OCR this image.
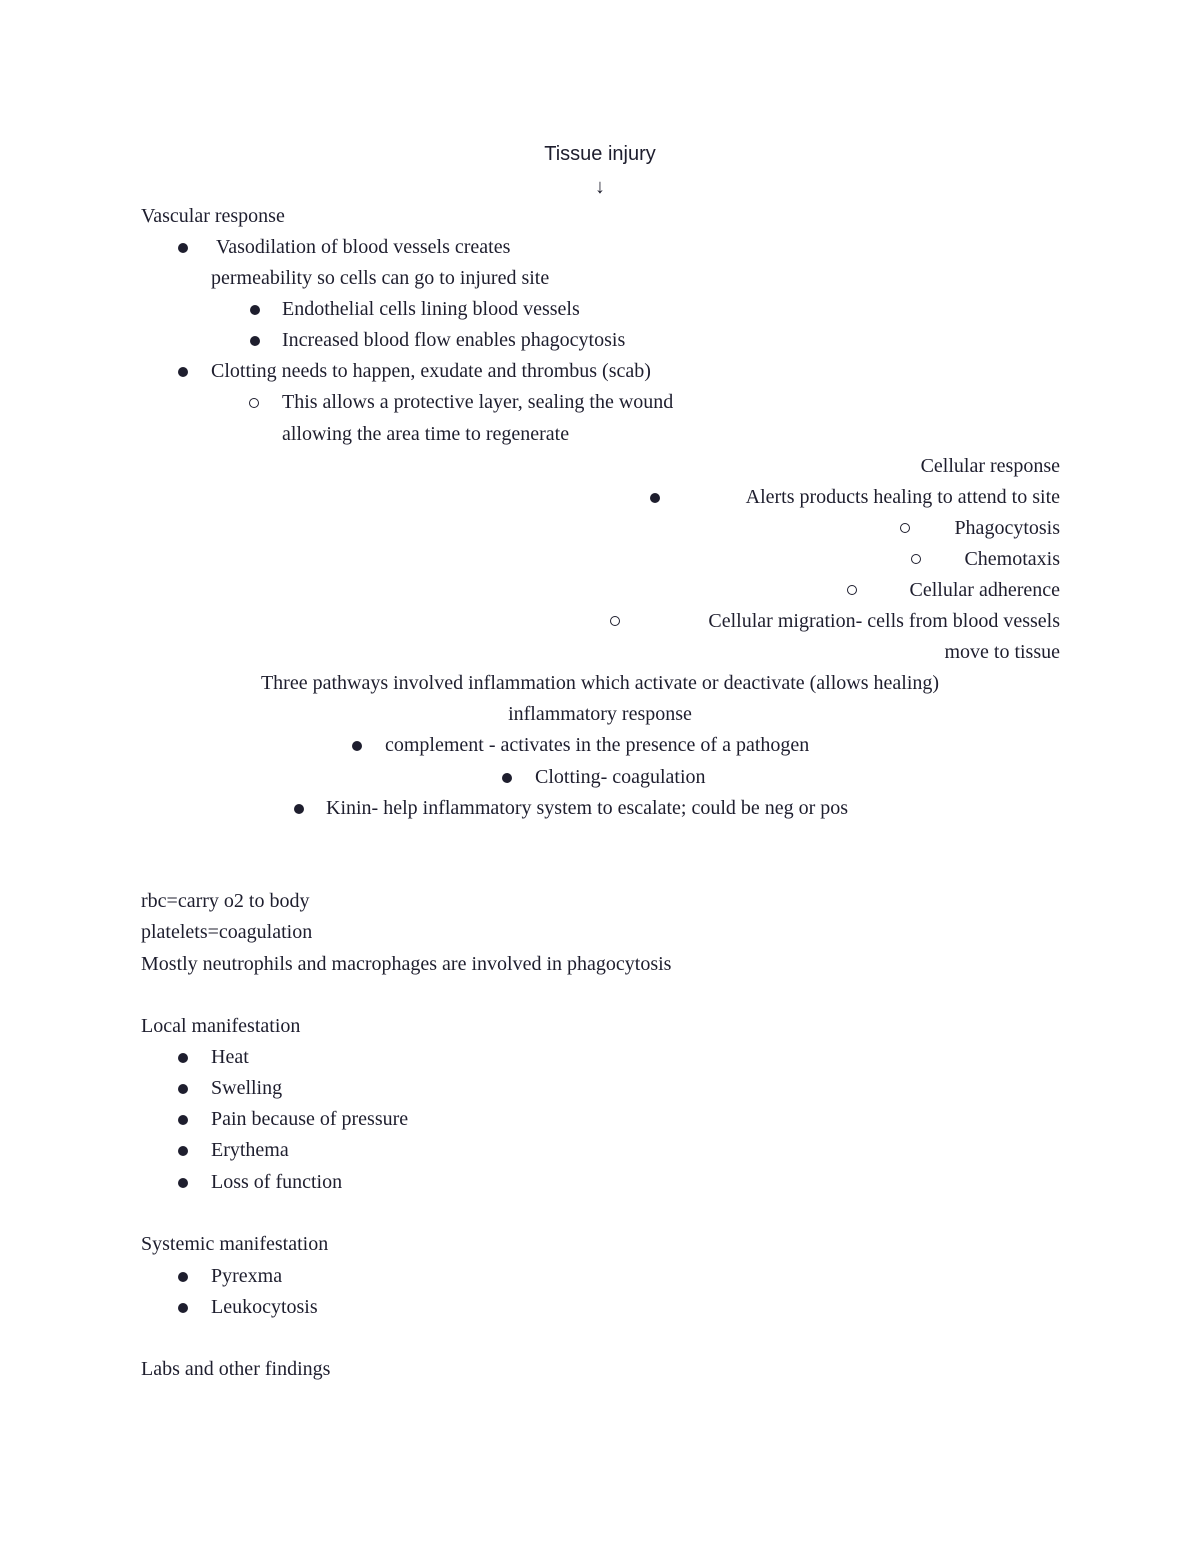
Tissue injury
↓
Vascular response
Vasodilation of blood vessels creates
permeability so cells can go to injured site
Endothelial cells lining blood vessels
Increased blood flow enables phagocytosis
Clotting needs to happen, exudate and thrombus (scab)
This allows a protective layer, sealing the wound
allowing the area time to regenerate
Cellular response
Alerts products healing to attend to site
Phagocytosis
Chemotaxis
Cellular adherence
Cellular migration- cells from blood vessels
move to tissue
Three pathways involved inflammation which activate or deactivate (allows healing)
inflammatory response
complement - activates in the presence of a pathogen
Clotting- coagulation
Kinin- help inflammatory system to escalate; could be neg or pos
rbc=carry o2 to body
platelets=coagulation
Mostly neutrophils and macrophages are involved in phagocytosis
Local manifestation
Heat
Swelling
Pain because of pressure
Erythema
Loss of function
Systemic manifestation
Pyrexma
Leukocytosis
Labs and other findings
